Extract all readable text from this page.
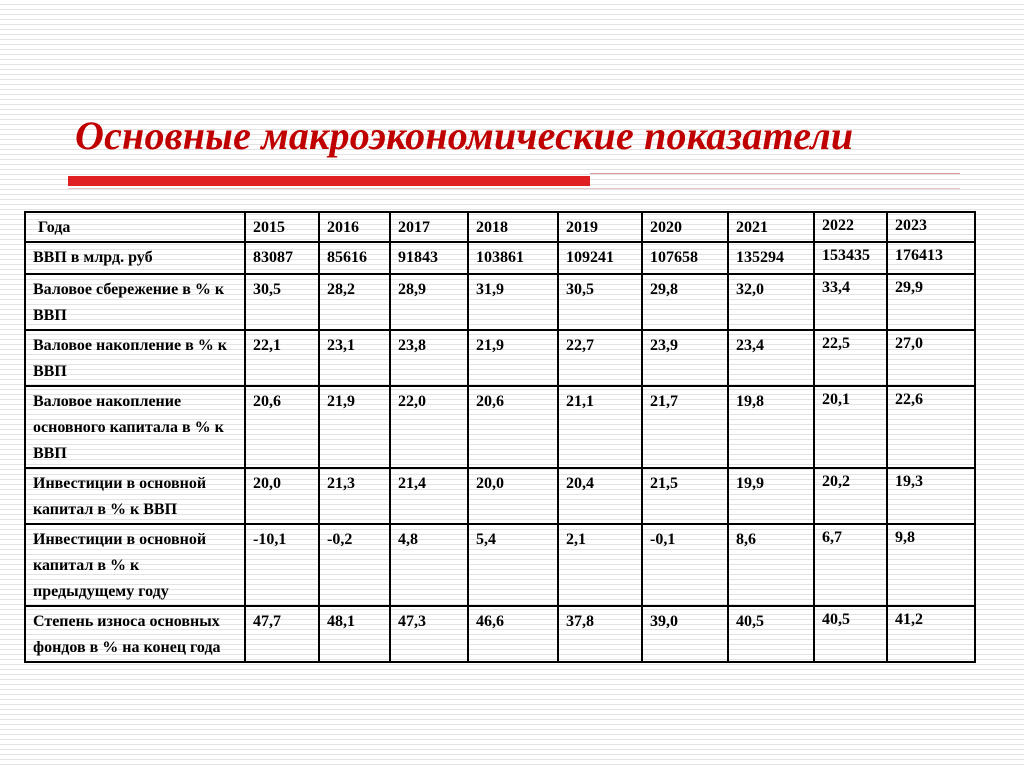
Основные макроэкономические показатели
Года	2015	2016	2017	2018	2019	2020	2021	2022	2023
ВВП в млрд. руб	83087	85616	91843	103861	109241	107658	135294	153435	176413
Валовое сбережение в % к ВВП	30,5	28,2	28,9	31,9	30,5	29,8	32,0	33,4	29,9
Валовое накопление в % к ВВП	22,1	23,1	23,8	21,9	22,7	23,9	23,4	22,5	27,0
Валовое накопление основного капитала в % к ВВП	20,6	21,9	22,0	20,6	21,1	21,7	19,8	20,1	22,6
Инвестиции в основной капитал в % к ВВП	20,0	21,3	21,4	20,0	20,4	21,5	19,9	20,2	19,3
Инвестиции в основной капитал в % к предыдущему году	-10,1	-0,2	4,8	5,4	2,1	-0,1	8,6	6,7	9,8
Степень износа основных фондов в % на конец года	47,7	48,1	47,3	46,6	37,8	39,0	40,5	40,5	41,2
